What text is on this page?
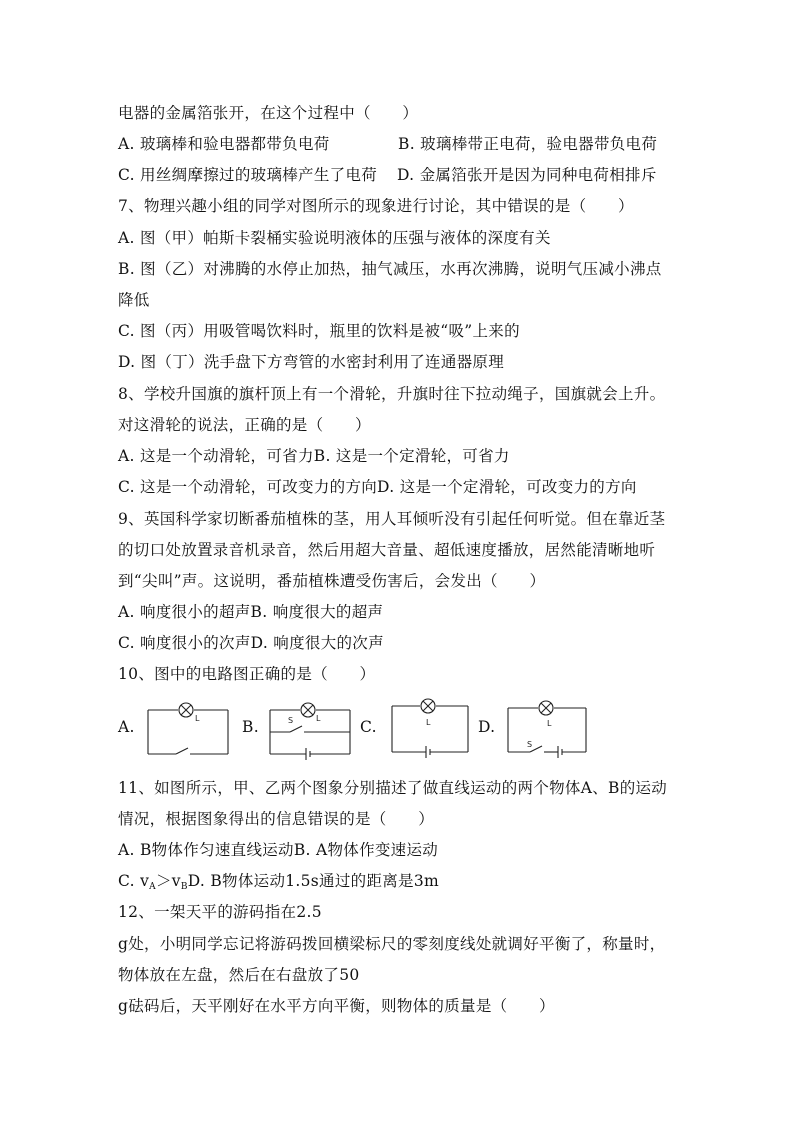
电器的金属箔张开，在这个过程中（　　）
A. 玻璃棒和验电器都带负电荷	B. 玻璃棒带正电荷，验电器带负电荷
C. 用丝绸摩擦过的玻璃棒产生了电荷 D. 金属箔张开是因为同种电荷相排斥
7、物理兴趣小组的同学对图所示的现象进行讨论，其中错误的是（　　）
A. 图（甲）帕斯卡裂桶实验说明液体的压强与液体的深度有关
B. 图（乙）对沸腾的水停止加热，抽气减压，水再次沸腾，说明气压减小沸点
降低
C. 图（丙）用吸管喝饮料时，瓶里的饮料是被“吸”上来的
D. 图（丁）洗手盘下方弯管的水密封利用了连通器原理
8、学校升国旗的旗杆顶上有一个滑轮，升旗时往下拉动绳子，国旗就会上升。
对这滑轮的说法，正确的是（　　）
A. 这是一个动滑轮，可省力B. 这是一个定滑轮，可省力
C. 这是一个动滑轮，可改变力的方向D. 这是一个定滑轮，可改变力的方向
9、英国科学家切断番茄植株的茎，用人耳倾听没有引起任何听觉。但在靠近茎
的切口处放置录音机录音，然后用超大音量、超低速度播放，居然能清晰地听
到“尖叫”声。这说明，番茄植株遭受伤害后，会发出（　　）
A. 响度很小的超声B. 响度很大的超声
C. 响度很小的次声D. 响度很大的次声
10、图中的电路图正确的是（　　）
A.	L	B.	L
S	C.	L	D.	L
S
11、如图所示，甲、乙两个图象分别描述了做直线运动的两个物体A、B的运动
情况，根据图象得出的信息错误的是（　　）
A. B物体作匀速直线运动B. A物体作变速运动
C. $v_A>v_BD$. B物体运动1.5s通过的距离是3m
12、一架天平的游码指在2.5
g处，小明同学忘记将游码拨回横梁标尺的零刻度线处就调好平衡了，称量时，
物体放在左盘，然后在右盘放了50
g砝码后，天平刚好在水平方向平衡，则物体的质量是（　　）
